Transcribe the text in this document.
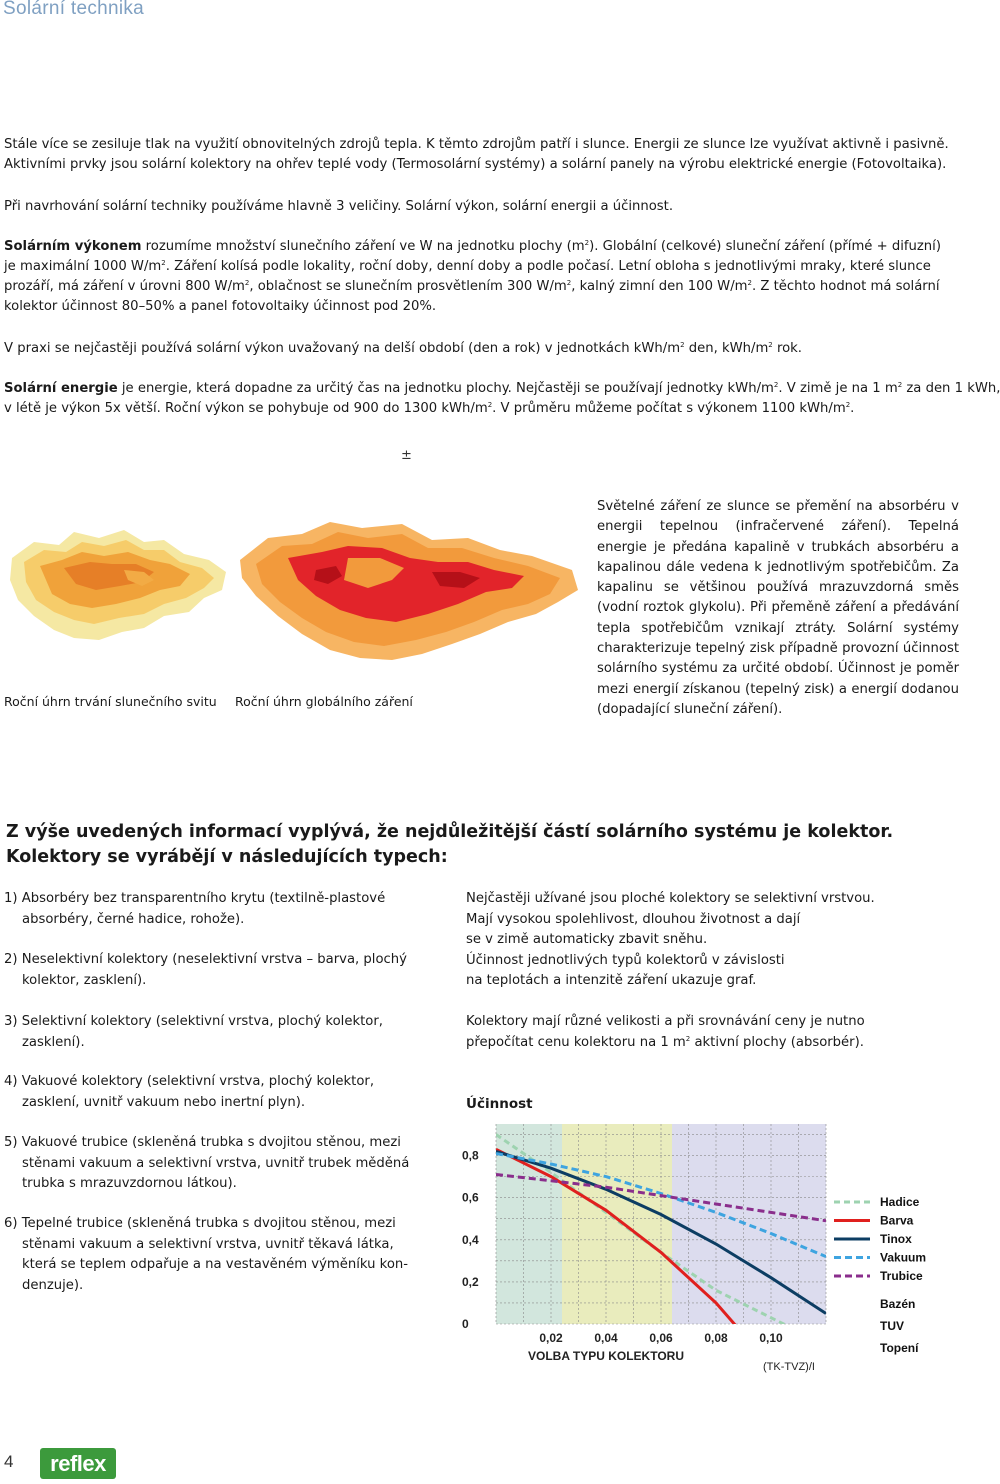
Solární technika
Stále více se zesiluje tlak na využití obnovitelných zdrojů tepla. K těmto zdrojům patří i slunce. Energii ze slunce lze využívat aktivně i pasivně.
Aktivními prvky jsou solární kolektory na ohřev teplé vody (Termosolární systémy) a solární panely na výrobu elektrické energie (Fotovoltaika).
Při navrhování solární techniky používáme hlavně 3 veličiny. Solární výkon, solární energii a účinnost.
Solárním výkonem rozumíme množství slunečního záření ve W na jednotku plochy $(m^2)$. Globální (celkové) sluneční záření (přímé + difuzní)
je maximální 1000 $W/m^2$. Záření kolísá podle lokality, roční doby, denní doby a podle počasí. Letní obloha s jednotlivými mraky, které slunce
prozáří, má záření v úrovni 800 $W/m^2$, oblačnost se slunečním prosvětlením 300 $W/m^2$, kalný zimní den 100 $W/m^2$. Z těchto hodnot má solární
kolektor účinnost 80–50% a panel fotovoltaiky účinnost pod 20%.
V praxi se nejčastěji používá solární výkon uvažovaný na delší období (den a rok) v jednotkách kWh/$m^2$ den, kWh/$m^2$ rok.
Solární energie je energie, která dopadne za určitý čas na jednotku plochy. Nejčastěji se používají jednotky kWh/$m^2$. V zimě je na 1 $m^2$ za den 1 kWh,
v létě je výkon 5x větší. Roční výkon se pohybuje od 900 do 1300 kWh/$m^2$. V průměru můžeme počítat s výkonem 1100 kWh/$m^2$.
±
Roční úhrn trvání slunečního svitu Roční úhrn globálního záření
Světelné záření ze slunce se přemění na absorbéru v energii tepelnou (infračervené záření). Tepelná energie je předána kapalině v trubkách absorbéru a kapalinou dále vedena k jednotlivým spotřebičům. Za kapalinu se většinou používá mrazuvzdorná směs (vodní roztok glykolu). Při přeměně záření a předávání tepla spotřebičům vznikají ztráty. Solární systémy charakterizuje tepelný zisk případně provozní účinnost solárního systému za určité období. Účinnost je poměr mezi energií získanou (tepelný zisk) a energií dodanou (dopadající sluneční záření).
Z výše uvedených informací vyplývá, že nejdůležitější částí solárního systému je kolektor. Kolektory se vyrábějí v následujících typech:
1) Absorbéry bez transparentního krytu (textilně-plastové
absorbéry, černé hadice, rohože).
2) Neselektivní kolektory (neselektivní vrstva – barva, plochý
kolektor, zasklení).
3) Selektivní kolektory (selektivní vrstva, plochý kolektor,
zasklení).
4) Vakuové kolektory (selektivní vrstva, plochý kolektor,
zasklení, uvnitř vakuum nebo inertní plyn).
5) Vakuové trubice (skleněná trubka s dvojitou stěnou, mezi
stěnami vakuum a selektivní vrstva, uvnitř trubek měděná
trubka s mrazuvzdornou látkou).
6) Tepelné trubice (skleněná trubka s dvojitou stěnou, mezi
stěnami vakuum a selektivní vrstva, uvnitř těkavá látka,
která se teplem odpařuje a na vestavěném výměníku kon-
denzuje).
Nejčastěji užívané jsou ploché kolektory se selektivní vrstvou.
Mají vysokou spolehlivost, dlouhou životnost a dají
se v zimě automaticky zbavit sněhu.
Účinnost jednotlivých typů kolektorů v závislosti
na teplotách a intenzitě záření ukazuje graf.
Kolektory mají různé velikosti a při srovnávání ceny je nutno
přepočítat cenu kolektoru na 1 $m^2$ aktivní plochy (absorbér).
Účinnost
0
0,2
0,4
0,6
0,8
0,02	0,04	0,06	0,08	0,10
VOLBA TYPU KOLEKTORU
(TK-TVZ)/I
Hadice
Barva
Tinox
Vakuum
Trubice
Bazén
TUV
Topení
4	reflex
